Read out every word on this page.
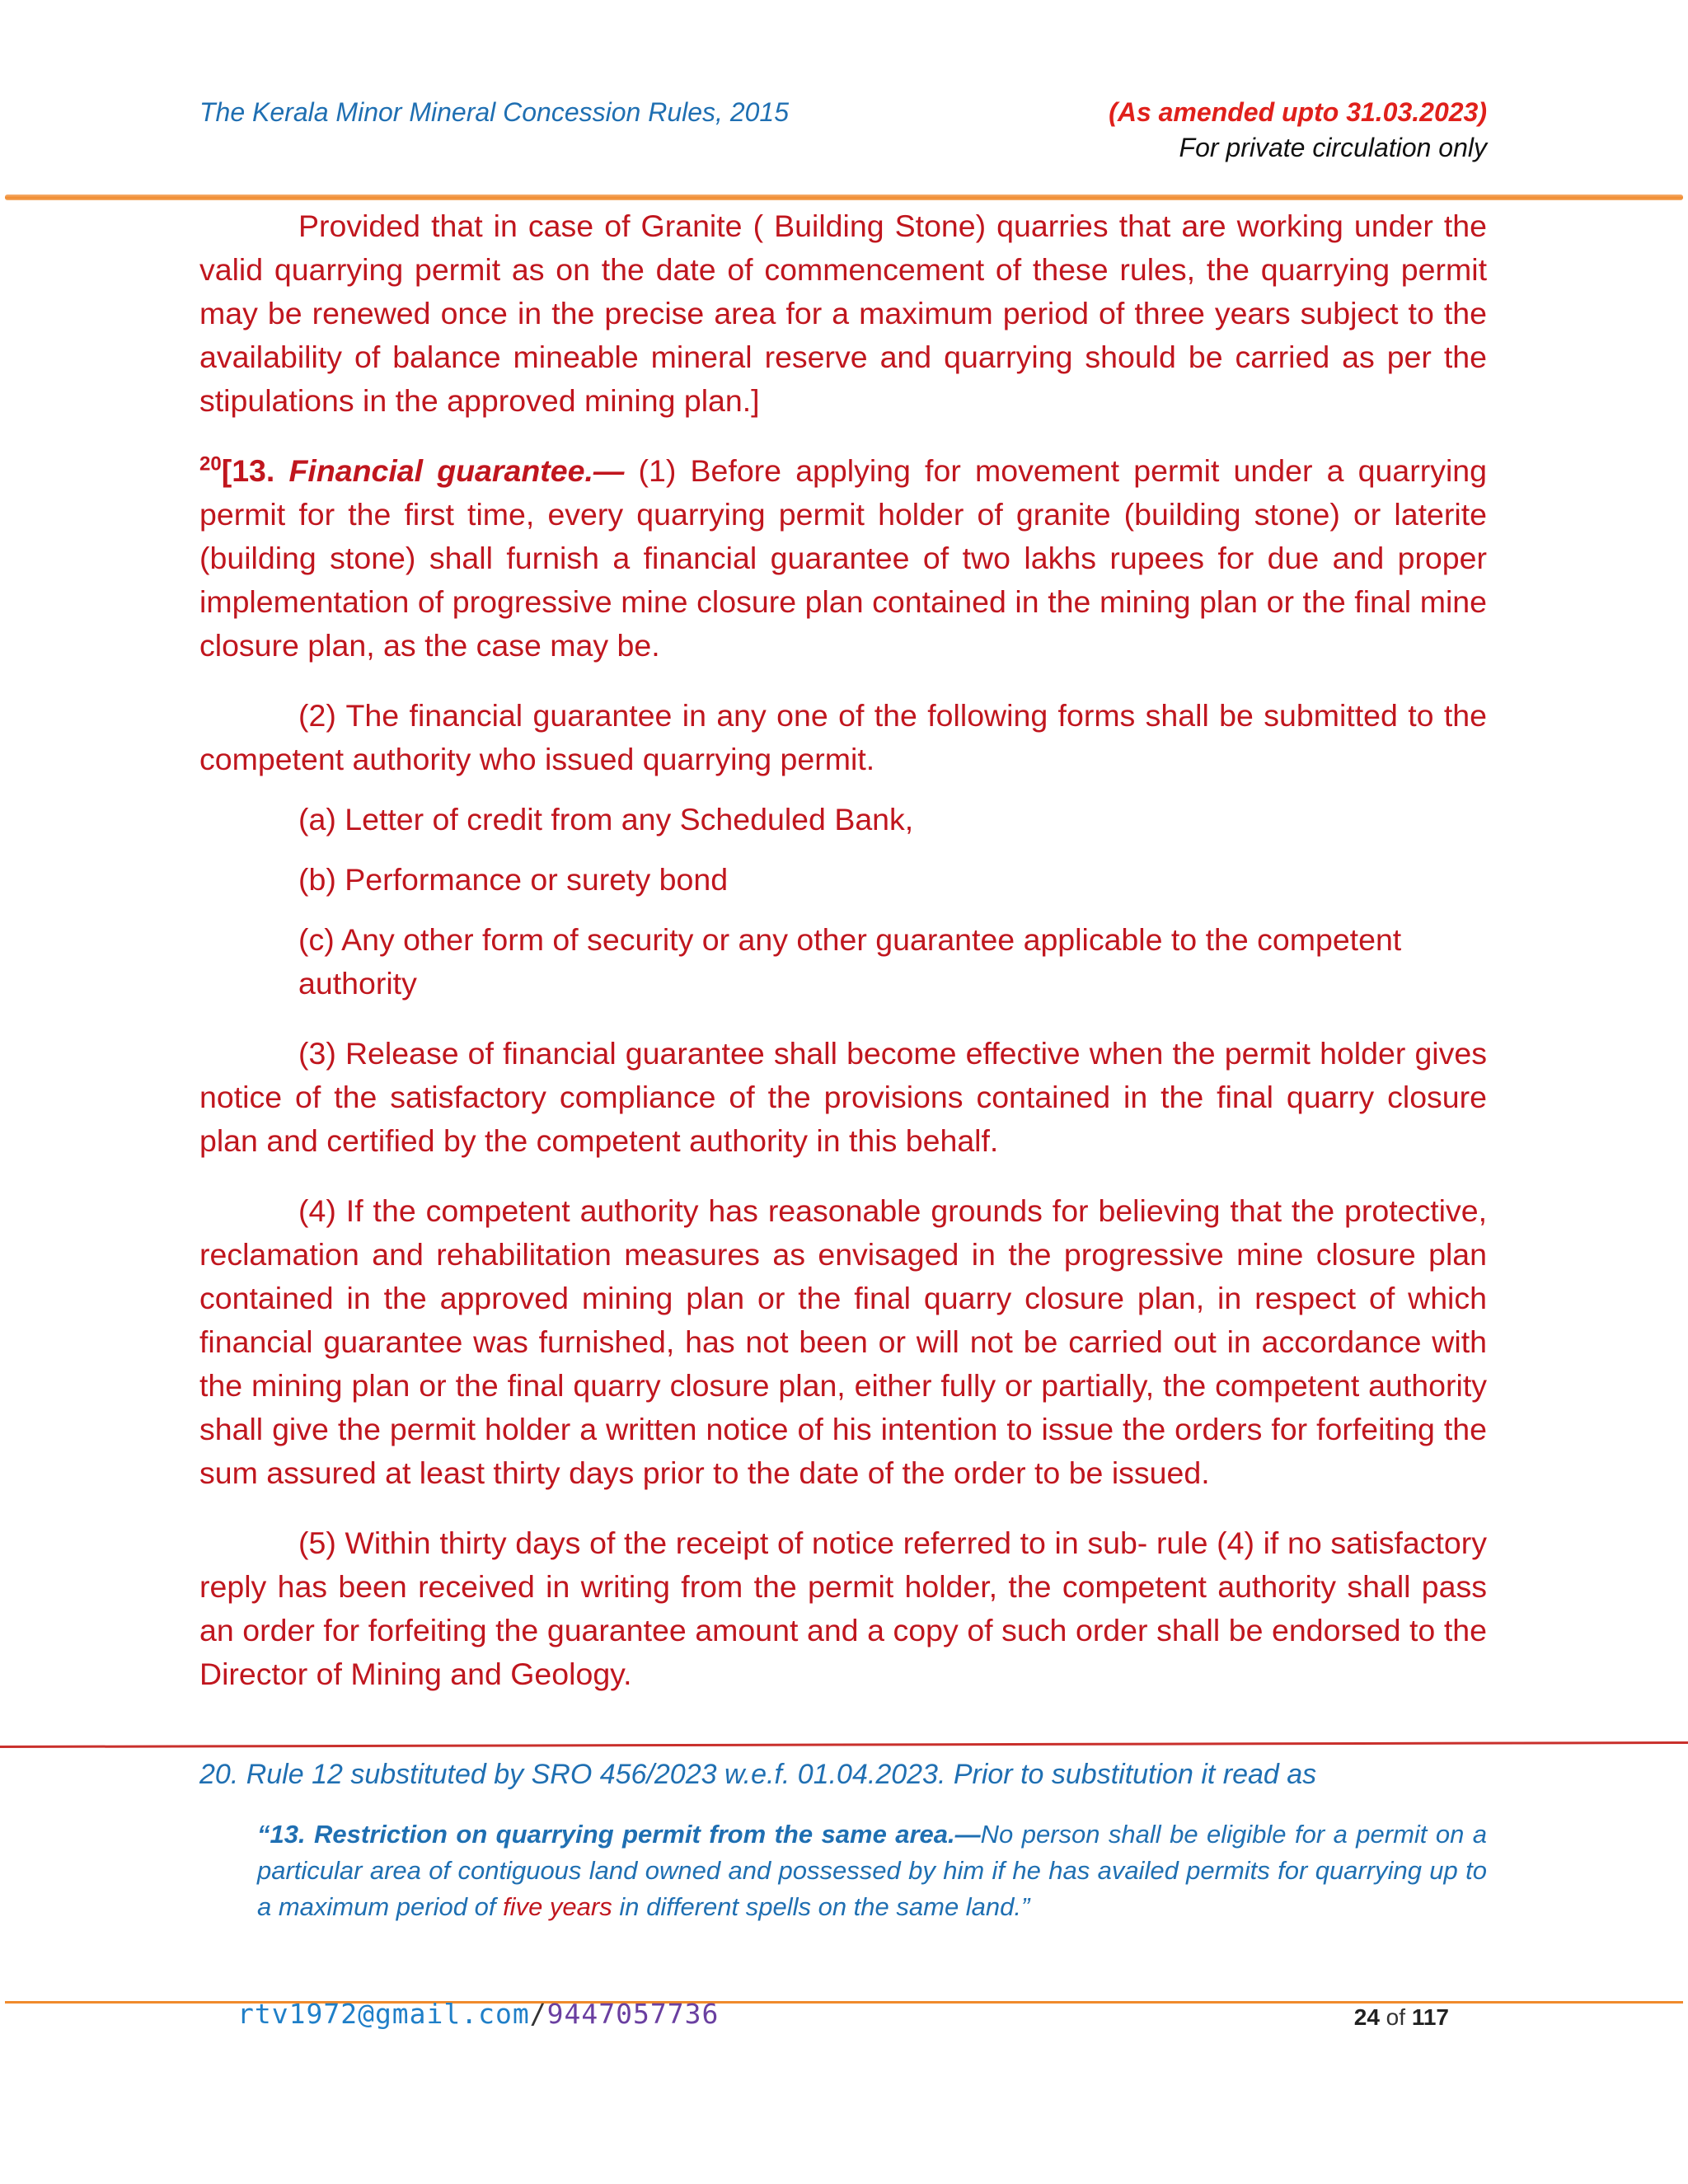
The Kerala Minor Mineral Concession Rules, 2015	(As amended upto 31.03.2023)
For private circulation only

Provided that in case of Granite ( Building Stone) quarries that are working under the valid quarrying permit as on the date of commencement of these rules, the quarrying permit may be renewed once in the precise area for a maximum period of three years subject to the availability of balance mineable mineral reserve and quarrying should be carried as per the stipulations in the approved mining plan.]

$^{20}$[13. Financial guarantee.— (1) Before applying for movement permit under a quarrying permit for the first time, every quarrying permit holder of granite (building stone) or laterite (building stone) shall furnish a financial guarantee of two lakhs rupees for due and proper implementation of progressive mine closure plan contained in the mining plan or the final mine closure plan, as the case may be.

(2) The financial guarantee in any one of the following forms shall be submitted to the competent authority who issued quarrying permit.

(a) Letter of credit from any Scheduled Bank,
(b) Performance or surety bond
(c) Any other form of security or any other guarantee applicable to the competent authority

(3) Release of financial guarantee shall become effective when the permit holder gives notice of the satisfactory compliance of the provisions contained in the final quarry closure plan and certified by the competent authority in this behalf.

(4) If the competent authority has reasonable grounds for believing that the protective, reclamation and rehabilitation measures as envisaged in the progressive mine closure plan contained in the approved mining plan or the final quarry closure plan, in respect of which financial guarantee was furnished, has not been or will not be carried out in accordance with the mining plan or the final quarry closure plan, either fully or partially, the competent authority shall give the permit holder a written notice of his intention to issue the orders for forfeiting the sum assured at least thirty days prior to the date of the order to be issued.

(5) Within thirty days of the receipt of notice referred to in sub- rule (4) if no satisfactory reply has been received in writing from the permit holder, the competent authority shall pass an order for forfeiting the guarantee amount and a copy of such order shall be endorsed to the Director of Mining and Geology.

20. Rule 12 substituted by SRO 456/2023 w.e.f. 01.04.2023. Prior to substitution it read as
“13. Restriction on quarrying permit from the same area.—No person shall be eligible for a permit on a particular area of contiguous land owned and possessed by him if he has availed permits for quarrying up to a maximum period of five years in different spells on the same land.”
rtv1972@gmail.com/9447057736	24 of 117
